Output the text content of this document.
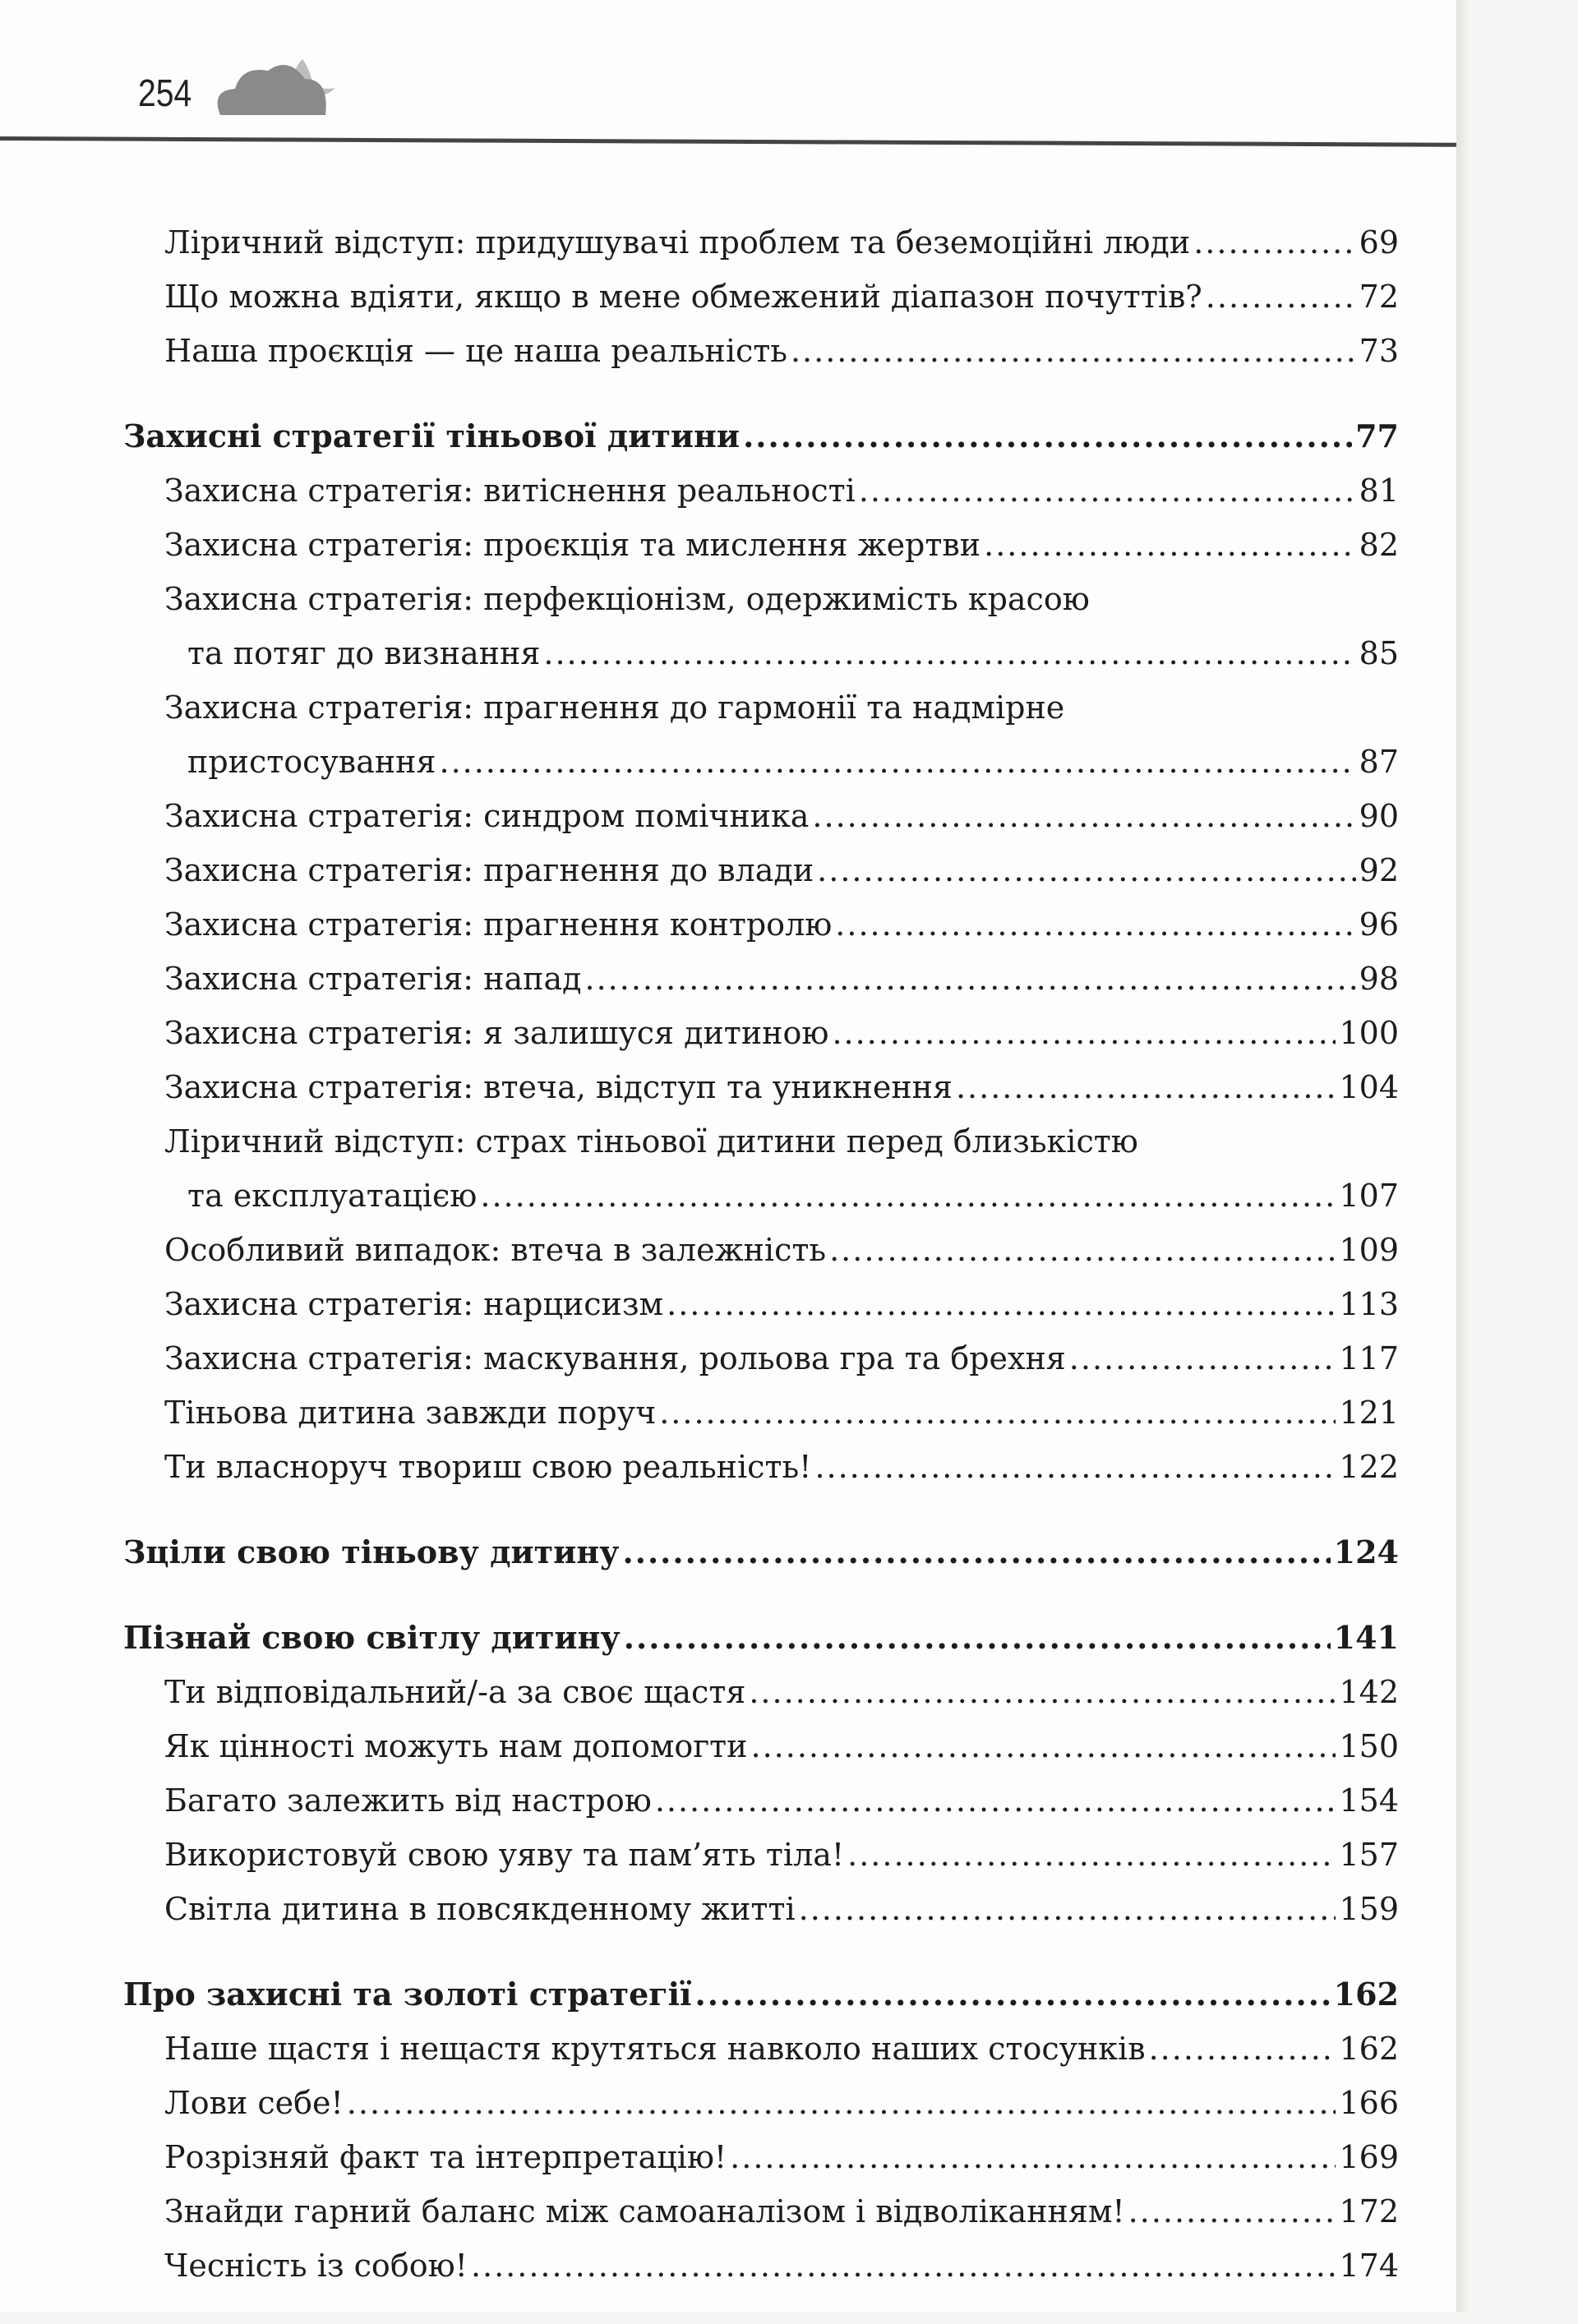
254
Ліричний відступ: придушувачі проблем та беземоційні люди .....	69
Що можна вдіяти, якщо в мене обмежений діапазон почуттів? .....	72
Наша проєкція — це наша реальність .....	73
Захисні стратегії тіньової дитини .....	77
Захисна стратегія: витіснення реальності .....	81
Захисна стратегія: проєкція та мислення жертви .....	82
Захисна стратегія: перфекціонізм, одержимість красою
та потяг до визнання .....	85
Захисна стратегія: прагнення до гармонії та надмірне
пристосування .....	87
Захисна стратегія: синдром помічника .....	90
Захисна стратегія: прагнення до влади .....	92
Захисна стратегія: прагнення контролю .....	96
Захисна стратегія: напад .....	98
Захисна стратегія: я залишуся дитиною .....	100
Захисна стратегія: втеча, відступ та уникнення .....	104
Ліричний відступ: страх тіньової дитини перед близькістю
та експлуатацією .....	107
Особливий випадок: втеча в залежність .....	109
Захисна стратегія: нарцисизм .....	113
Захисна стратегія: маскування, рольова гра та брехня .....	117
Тіньова дитина завжди поруч .....	121
Ти власноруч твориш свою реальність! .....	122
Зціли свою тіньову дитину .....	124
Пізнай свою світлу дитину .....	141
Ти відповідальний/-а за своє щастя .....	142
Як цінності можуть нам допомогти .....	150
Багато залежить від настрою .....	154
Використовуй свою уяву та пам’ять тіла! .....	157
Світла дитина в повсякденному житті .....	159
Про захисні та золоті стратегії .....	162
Наше щастя і нещастя крутяться навколо наших стосунків .....	162
Лови себе! .....	166
Розрізняй факт та інтерпретацію! .....	169
Знайди гарний баланс між самоаналізом і відволіканням! .....	172
Чесність із собою! .....	174
